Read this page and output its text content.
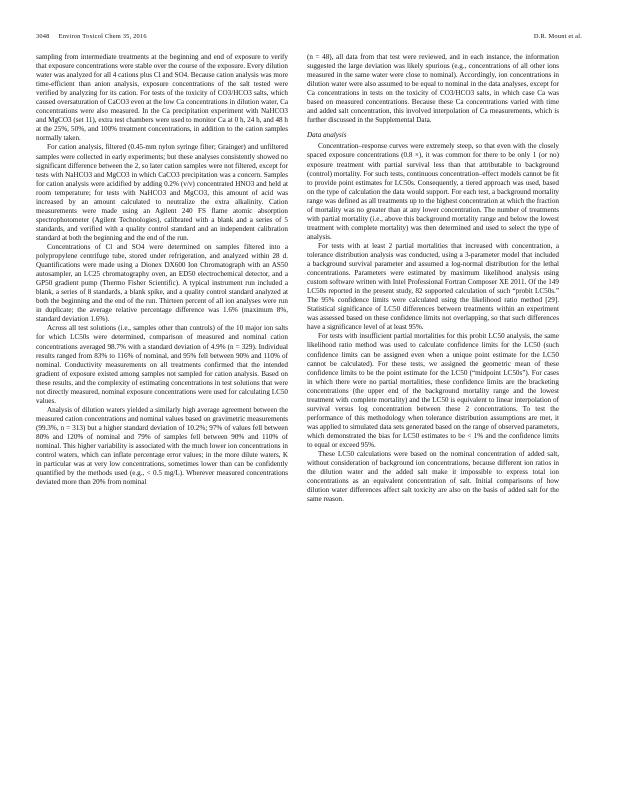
3048 Environ Toxicol Chem 35, 2016	D.R. Mount et al.

sampling from intermediate treatments at the beginning and end of exposure to verify that exposure concentrations were stable over the course of the exposure. Every dilution water was analyzed for all 4 cations plus Cl and SO4. Because cation analysis was more time-efficient than anion analysis, exposure concentrations of the salt tested were verified by analyzing for its cation. For tests of the toxicity of CO3/HCO3 salts, which caused oversaturation of CaCO3 even at the low Ca concentrations in dilution water, Ca concentrations were also measured. In the Ca precipitation experiment with NaHCO3 and MgCO3 (set 11), extra test chambers were used to monitor Ca at 0 h, 24 h, and 48 h at the 25%, 50%, and 100% treatment concentrations, in addition to the cation samples normally taken.

For cation analysis, filtered (0.45-mm nylon syringe filter; Grainger) and unfiltered samples were collected in early experiments; but these analyses consistently showed no significant difference between the 2, so later cation samples were not filtered, except for tests with NaHCO3 and MgCO3 in which CaCO3 precipitation was a concern. Samples for cation analysis were acidified by adding 0.2% (v/v) concentrated HNO3 and held at room temperature; for tests with NaHCO3 and MgCO3, this amount of acid was increased by an amount calculated to neutralize the extra alkalinity. Cation measurements were made using an Agilent 240 FS flame atomic absorption spectrophotometer (Agilent Technologies), calibrated with a blank and a series of 5 standards, and verified with a quality control standard and an independent calibration standard at both the beginning and the end of the run.

Concentrations of Cl and SO4 were determined on samples filtered into a polypropylene centrifuge tube, stored under refrigeration, and analyzed within 28 d. Quantifications were made using a Dionex DX600 Ion Chromatograph with an AS50 autosampler, an LC25 chromatography oven, an ED50 electrochemical detector, and a GP50 gradient pump (Thermo Fisher Scientific). A typical instrument run included a blank, a series of 8 standards, a blank spike, and a quality control standard analyzed at both the beginning and the end of the run. Thirteen percent of all ion analyses were run in duplicate; the average relative percentage difference was 1.6% (maximum 8%, standard deviation 1.6%).

Across all test solutions (i.e., samples other than controls) of the 10 major ion salts for which LC50s were determined, comparison of measured and nominal cation concentrations averaged 98.7% with a standard deviation of 4.9% (n = 329). Individual results ranged from 83% to 116% of nominal, and 95% fell between 90% and 110% of nominal. Conductivity measurements on all treatments confirmed that the intended gradient of exposure existed among samples not sampled for cation analysis. Based on these results, and the complexity of estimating concentrations in test solutions that were not directly measured, nominal exposure concentrations were used for calculating LC50 values.

Analysis of dilution waters yielded a similarly high average agreement between the measured cation concentrations and nominal values based on gravimetric measurements (99.3%, n = 313) but a higher standard deviation of 10.2%; 97% of values fell between 80% and 120% of nominal and 79% of samples fell between 90% and 110% of nominal. This higher variability is associated with the much lower ion concentrations in control waters, which can inflate percentage error values; in the more dilute waters, K in particular was at very low concentrations, sometimes lower than can be confidently quantified by the methods used (e.g., < 0.5 mg/L). Wherever measured concentrations deviated more than 20% from nominal

(n = 48), all data from that test were reviewed, and in each instance, the information suggested the large deviation was likely spurious (e.g., concentrations of all other ions measured in the same water were close to nominal). Accordingly, ion concentrations in dilution water were also assumed to be equal to nominal in the data analyses, except for Ca concentrations in tests on the toxicity of CO3/HCO3 salts, in which case Ca was based on measured concentrations. Because these Ca concentrations varied with time and added salt concentration, this involved interpolation of Ca measurements, which is further discussed in the Supplemental Data.

Data analysis

Concentration–response curves were extremely steep, so that even with the closely spaced exposure concentrations (0.8 ×), it was common for there to be only 1 (or no) exposure treatment with partial survival less than that attributable to background (control) mortality. For such tests, continuous concentration–effect models cannot be fit to provide point estimates for LC50s. Consequently, a tiered approach was used, based on the type of calculation the data would support. For each test, a background mortality range was defined as all treatments up to the highest concentration at which the fraction of mortality was no greater than at any lower concentration. The number of treatments with partial mortality (i.e., above this background mortality range and below the lowest treatment with complete mortality) was then determined and used to select the type of analysis.

For tests with at least 2 partial mortalities that increased with concentration, a tolerance distribution analysis was conducted, using a 3-parameter model that included a background survival parameter and assumed a log-normal distribution for the lethal concentrations. Parameters were estimated by maximum likelihood analysis using custom software written with Intel Professional Fortran Composer XE 2011. Of the 149 LC50s reported in the present study, 82 supported calculation of such “probit LC50s.” The 95% confidence limits were calculated using the likelihood ratio method [29]. Statistical significance of LC50 differences between treatments within an experiment was assessed based on these confidence limits not overlapping, so that such differences have a significance level of at least 95%.

For tests with insufficient partial mortalities for this probit LC50 analysis, the same likelihood ratio method was used to calculate confidence limits for the LC50 (such confidence limits can be assigned even when a unique point estimate for the LC50 cannot be calculated). For these tests, we assigned the geometric mean of these confidence limits to be the point estimate for the LC50 (“midpoint LC50s”). For cases in which there were no partial mortalities, these confidence limits are the bracketing concentrations (the upper end of the background mortality range and the lowest treatment with complete mortality) and the LC50 is equivalent to linear interpolation of survival versus log concentration between these 2 concentrations. To test the performance of this methodology when tolerance distribution assumptions are met, it was applied to simulated data sets generated based on the range of observed parameters, which demonstrated the bias for LC50 estimates to be < 1% and the confidence limits to equal or exceed 95%.

These LC50 calculations were based on the nominal concentration of added salt, without consideration of background ion concentrations, because different ion ratios in the dilution water and the added salt make it impossible to express total ion concentrations as an equivalent concentration of salt. Initial comparisons of how dilution water differences affect salt toxicity are also on the basis of added salt for the same reason.
